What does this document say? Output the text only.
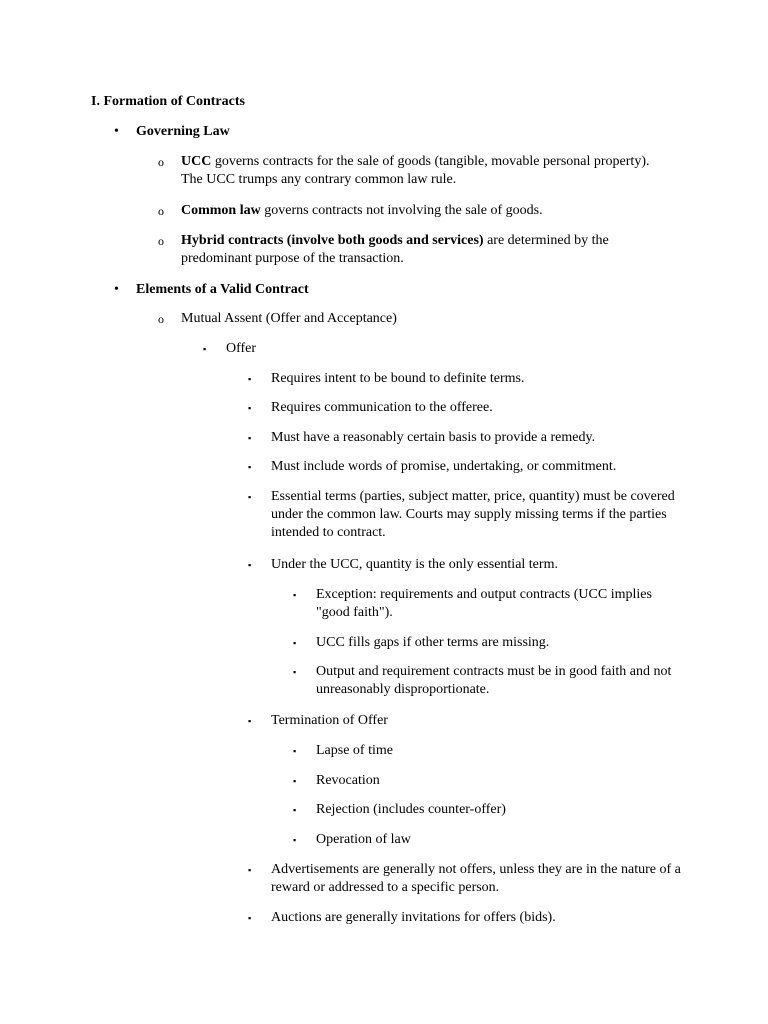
I. Formation of Contracts
• Governing Law
o UCC governs contracts for the sale of goods (tangible, movable personal property). The UCC trumps any contrary common law rule.
o Common law governs contracts not involving the sale of goods.
o Hybrid contracts (involve both goods and services) are determined by the predominant purpose of the transaction.
• Elements of a Valid Contract
o Mutual Assent (Offer and Acceptance)
▪ Offer
▪ Requires intent to be bound to definite terms.
▪ Requires communication to the offeree.
▪ Must have a reasonably certain basis to provide a remedy.
▪ Must include words of promise, undertaking, or commitment.
▪ Essential terms (parties, subject matter, price, quantity) must be covered under the common law. Courts may supply missing terms if the parties intended to contract.
▪ Under the UCC, quantity is the only essential term.
▪ Exception: requirements and output contracts (UCC implies "good faith").
▪ UCC fills gaps if other terms are missing.
▪ Output and requirement contracts must be in good faith and not unreasonably disproportionate.
▪ Termination of Offer
▪ Lapse of time
▪ Revocation
▪ Rejection (includes counter-offer)
▪ Operation of law
▪ Advertisements are generally not offers, unless they are in the nature of a reward or addressed to a specific person.
▪ Auctions are generally invitations for offers (bids).
